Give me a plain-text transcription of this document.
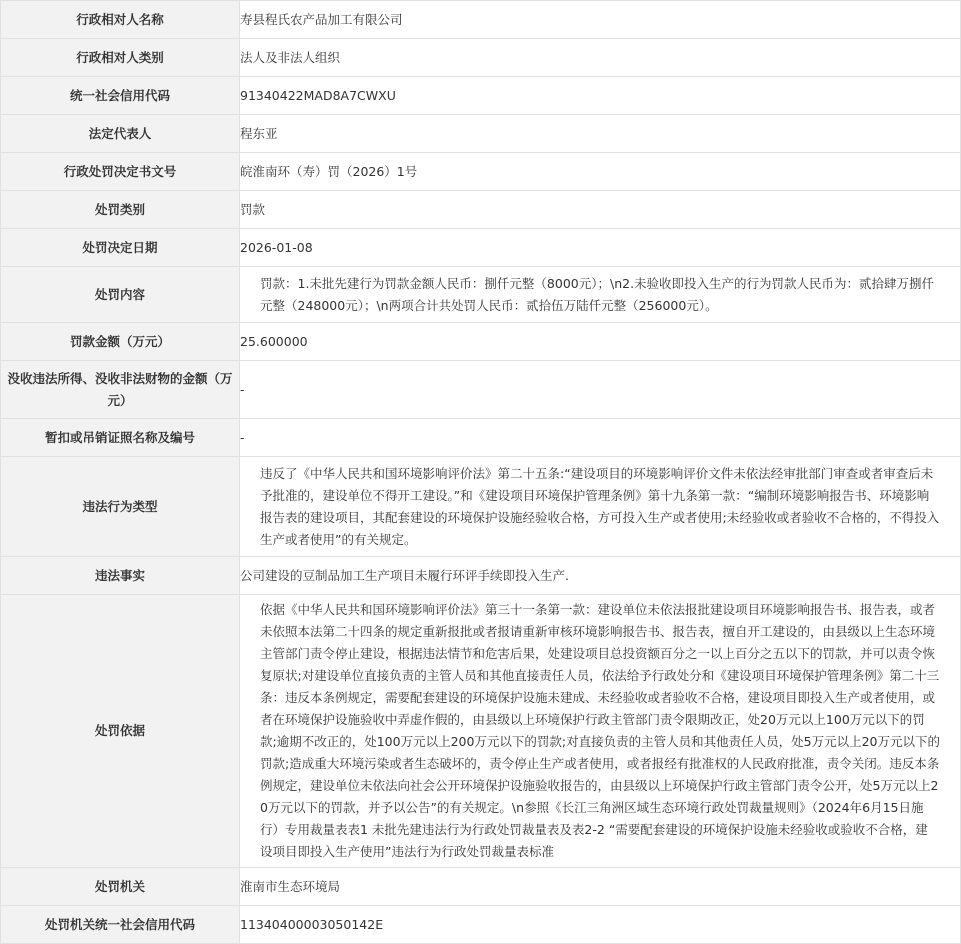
行政相对人名称	寿县程氏农产品加工有限公司
行政相对人类别	法人及非法人组织
统一社会信用代码	91340422MAD8A7CWXU
法定代表人	程东亚
行政处罚决定书文号	皖淮南环（寿）罚（2026）1号
处罚类别	罚款
处罚决定日期	2026-01-08
处罚内容	罚款：1.未批先建行为罚款金额人民币：捌仟元整（8000元）；\n2.未验收即投入生产的行为罚款人民币为：贰拾肆万捌仟元整（248000元）；\n两项合计共处罚人民币：贰拾伍万陆仟元整（256000元）。
罚款金额（万元）	25.600000
没收违法所得、没收非法财物的金额（万元）	-
暂扣或吊销证照名称及编号	-
违法行为类型	违反了《中华人民共和国环境影响评价法》第二十五条:“建设项目的环境影响评价文件未依法经审批部门审查或者审查后未予批准的，建设单位不得开工建设。”和《建设项目环境保护管理条例》第十九条第一款：“编制环境影响报告书、环境影响报告表的建设项目，其配套建设的环境保护设施经验收合格，方可投入生产或者使用;未经验收或者验收不合格的，不得投入生产或者使用”的有关规定。
违法事实	公司建设的豆制品加工生产项目未履行环评手续即投入生产.
处罚依据	依据《中华人民共和国环境影响评价法》第三十一条第一款：建设单位未依法报批建设项目环境影响报告书、报告表，或者未依照本法第二十四条的规定重新报批或者报请重新审核环境影响报告书、报告表，擅自开工建设的，由县级以上生态环境主管部门责令停止建设，根据违法情节和危害后果，处建设项目总投资额百分之一以上百分之五以下的罚款，并可以责令恢复原状;对建设单位直接负责的主管人员和其他直接责任人员，依法给予行政处分和《建设项目环境保护管理条例》第二十三条：违反本条例规定，需要配套建设的环境保护设施未建成、未经验收或者验收不合格，建设项目即投入生产或者使用，或者在环境保护设施验收中弄虚作假的，由县级以上环境保护行政主管部门责令限期改正，处20万元以上100万元以下的罚款;逾期不改正的，处100万元以上200万元以下的罚款;对直接负责的主管人员和其他责任人员，处5万元以上20万元以下的罚款;造成重大环境污染或者生态破坏的，责令停止生产或者使用，或者报经有批准权的人民政府批准，责令关闭。违反本条例规定，建设单位未依法向社会公开环境保护设施验收报告的，由县级以上环境保护行政主管部门责令公开，处5万元以上20万元以下的罚款，并予以公告”的有关规定。\n参照《长江三角洲区域生态环境行政处罚裁量规则》（2024年6月15日施行）专用裁量表表1 未批先建违法行为行政处罚裁量表及表2-2 “需要配套建设的环境保护设施未经验收或验收不合格，建设项目即投入生产使用”违法行为行政处罚裁量表标准
处罚机关	淮南市生态环境局
处罚机关统一社会信用代码	11340400003050142E
